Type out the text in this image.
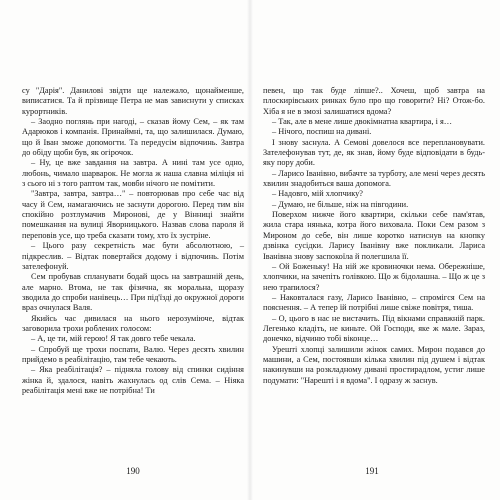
су "Дарія". Данилові звідти ще належало, щонайменше, виписатися. Та й прізвище Петра не мав зависнути у списках курортників.

– Заодно поглянь при нагоді, – сказав йому Сем, – як там Адарюков і компанія. Принаймні, та, що залишилася. Думаю, що й Іван зможе допомогти. Та передусім відпочинь. Завтра до обіду щоби був, як огірочок.

– Ну, це вже завдання на завтра. А нині там усе одно, любонь, чимало шарварок. Не могла ж наша славна міліція ні з сього ні з того раптом так, мовби нічого не помітити.

"Завтра, завтра, завтра…" – повторював про себе час від часу й Сем, намагаючись не заснути дорогою. Перед тим він спокійно розтлумачив Миронові, де у Вінниці знайти помешкання на вулиці Яворницького. Назвав слова пароля й переповів усе, що треба сказати тому, хто їх зустріне.

– Цього разу секретність має бути абсолютною, – підкреслив. – Відтак повертайся додому і відпочинь. Потім зателефонуй.

Сем пробував спланувати бодай щось на завтрашній день, але марно. Втома, не так фізична, як моральна, щоразу зводила до спроби нанівець… При під'їзді до окружної дороги враз очнулася Валя.

Якийсь час дивилася на нього нерозуміюче, відтак заговорила трохи роблених голосом:

– А, це ти, мій герою! Я так довго тебе чекала.

– Спробуй ще трохи поспати, Валю. Через десять хвилин прийдемо в реабілітацію, там тебе чекають.

– Яка реабілітація? – підняла голову від спинки сидіння жінка й, здалося, навіть жахнулась од слів Сема. – Ніяка реабілітація мені вже не потрібна! Ти

певен, що так буде ліпше?.. Хочеш, щоб завтра на плоскирівських ринках було про що говорити? Ні? Отож-бо. Хіба я не в змозі залишатися вдома?

– Так, але в мене лише двокімнатна квартира, і я…

– Нічого, поспиш на дивані.

І знову заснула. А Семові довелося все переплановувати. Зателефонував тут, де, як знав, йому буде відповідати в будь-яку пору доби.

– Ларисо Іванівно, вибачте за турботу, але мені через десять хвилин знадобиться ваша допомога.

– Надовго, мій хлопчику?

– Думаю, не більше, ніж на півгодини.

Поверхом нижче його квартири, скільки себе пам'ятав, жила стара нянька, котра його виховала. Поки Сем разом з Мироном до себе, він лише коротко натиснув на кнопку дзвінка сусідки. Ларису Іванівну вже покликали. Лариса Іванівна знову заспокоїла й полегшила її.

– Ой Боженьку! На ній же кровиночки нема. Обережніше, хлопчики, на зачепіть голівкою. Що ж бідолашна. – Що ж це з нею трапилося?

– Наковталася газу, Ларисо Іванівно, – спромігся Сем на пояснення. – А тепер їй потрібні лише свіже повітря, тиша.

– О, цього в нас не вистачить. Під вікнами справжній парк. Легенько кладіть, не киньте. Ой Господи, яке ж мале. Зараз, донечко, відчиню тобі віконце…

Урешті хлопці залишили жінок самих. Мирон подався до машини, а Сем, постоявши кілька хвилин під душем і відтак накинувши на розкладному дивані простирадлом, устиг лише подумати: "Нарешті і я вдома". І одразу ж заснув.

190	191
